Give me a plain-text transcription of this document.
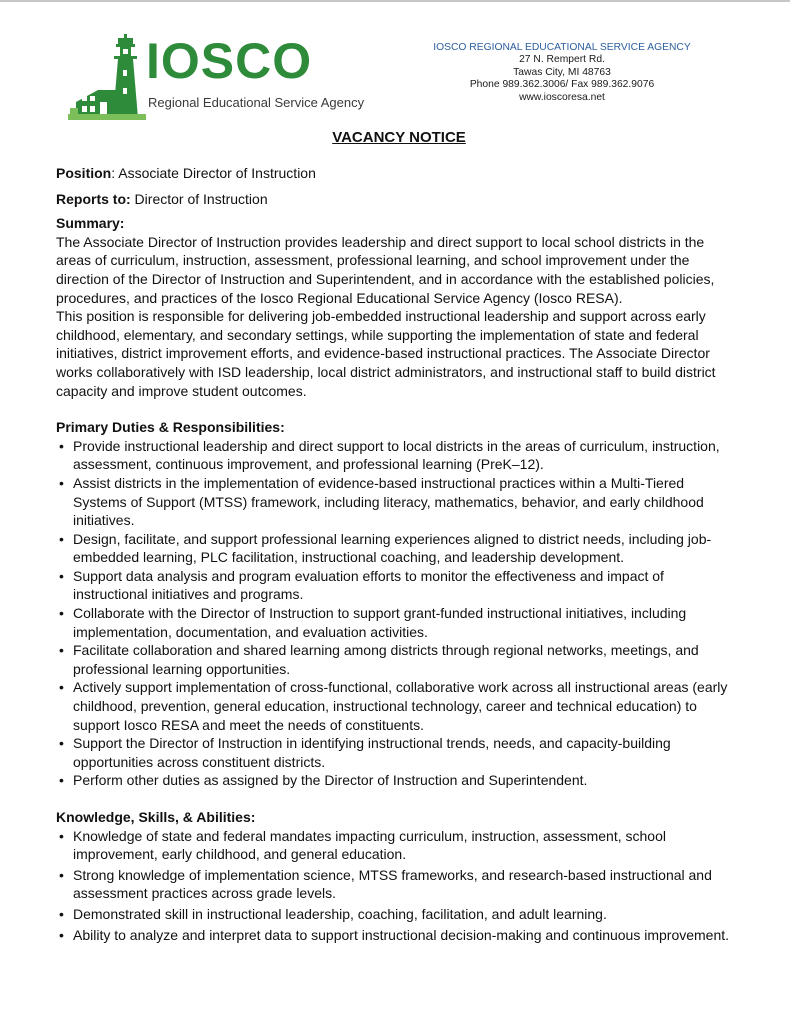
IOSCO
Regional Educational Service Agency
IOSCO REGIONAL EDUCATIONAL SERVICE AGENCY
27 N. Rempert Rd.
Tawas City, MI 48763
Phone 989.362.3006/ Fax 989.362.9076
www.ioscoresa.net
VACANCY NOTICE

Position: Associate Director of Instruction

Reports to: Director of Instruction

Summary:

The Associate Director of Instruction provides leadership and direct support to local school districts in the areas of curriculum, instruction, assessment, professional learning, and school improvement under the direction of the Director of Instruction and Superintendent, and in accordance with the established policies, procedures, and practices of the Iosco Regional Educational Service Agency (Iosco RESA).

This position is responsible for delivering job-embedded instructional leadership and support across early childhood, elementary, and secondary settings, while supporting the implementation of state and federal initiatives, district improvement efforts, and evidence-based instructional practices. The Associate Director works collaboratively with ISD leadership, local district administrators, and instructional staff to build district capacity and improve student outcomes.

Primary Duties & Responsibilities:

• Provide instructional leadership and direct support to local districts in the areas of curriculum, instruction, assessment, continuous improvement, and professional learning (PreK–12).
• Assist districts in the implementation of evidence-based instructional practices within a Multi-Tiered Systems of Support (MTSS) framework, including literacy, mathematics, behavior, and early childhood initiatives.
• Design, facilitate, and support professional learning experiences aligned to district needs, including job-embedded learning, PLC facilitation, instructional coaching, and leadership development.
• Support data analysis and program evaluation efforts to monitor the effectiveness and impact of instructional initiatives and programs.
• Collaborate with the Director of Instruction to support grant-funded instructional initiatives, including implementation, documentation, and evaluation activities.
• Facilitate collaboration and shared learning among districts through regional networks, meetings, and professional learning opportunities.
• Actively support implementation of cross-functional, collaborative work across all instructional areas (early childhood, prevention, general education, instructional technology, career and technical education) to support Iosco RESA and meet the needs of constituents.
• Support the Director of Instruction in identifying instructional trends, needs, and capacity-building opportunities across constituent districts.
• Perform other duties as assigned by the Director of Instruction and Superintendent.

Knowledge, Skills, & Abilities:

• Knowledge of state and federal mandates impacting curriculum, instruction, assessment, school improvement, early childhood, and general education.
• Strong knowledge of implementation science, MTSS frameworks, and research-based instructional and assessment practices across grade levels.
• Demonstrated skill in instructional leadership, coaching, facilitation, and adult learning.
• Ability to analyze and interpret data to support instructional decision-making and continuous improvement.
